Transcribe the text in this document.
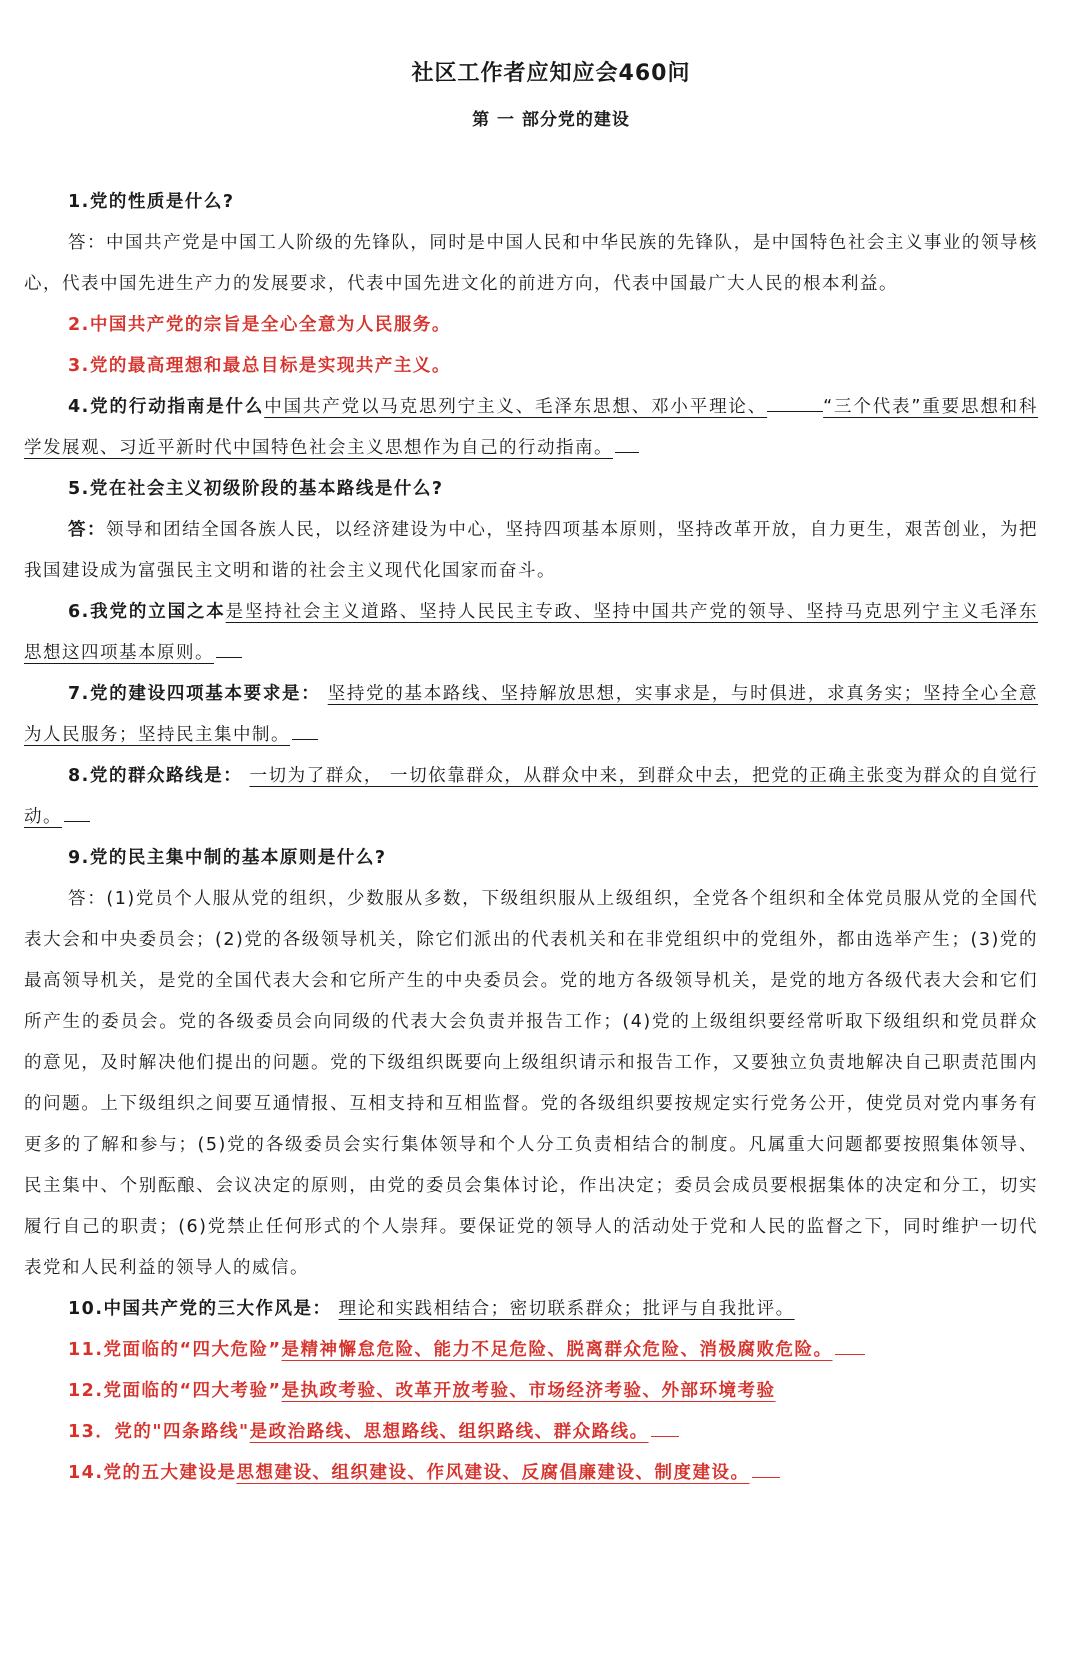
社区工作者应知应会460问
第 一 部分党的建设

1.党的性质是什么?

答：中国共产党是中国工人阶级的先锋队，同时是中国人民和中华民族的先锋队，是中国特色社会主义事业的领导核心，代表中国先进生产力的发展要求，代表中国先进文化的前进方向，代表中国最广大人民的根本利益。

2.中国共产党的宗旨是全心全意为人民服务。

3.党的最高理想和最总目标是实现共产主义。

4.党的行动指南是什么中国共产党以马克思列宁主义、毛泽东思想、邓小平理论、	“三个代表”重要思想和科学发展观、习近平新时代中国特色社会主义思想作为自己的行动指南。

5.党在社会主义初级阶段的基本路线是什么?

答：领导和团结全国各族人民，以经济建设为中心，坚持四项基本原则，坚持改革开放，自力更生，艰苦创业，为把我国建设成为富强民主文明和谐的社会主义现代化国家而奋斗。

6.我党的立国之本是坚持社会主义道路、坚持人民民主专政、坚持中国共产党的领导、坚持马克思列宁主义毛泽东思想这四项基本原则。

7.党的建设四项基本要求是： 坚持党的基本路线、坚持解放思想，实事求是，与时俱进，求真务实；坚持全心全意为人民服务；坚持民主集中制。

8.党的群众路线是： 一切为了群众， 一切依靠群众，从群众中来，到群众中去，把党的正确主张变为群众的自觉行动。

9.党的民主集中制的基本原则是什么?

答：(1)党员个人服从党的组织，少数服从多数，下级组织服从上级组织，全党各个组织和全体党员服从党的全国代表大会和中央委员会；(2)党的各级领导机关，除它们派出的代表机关和在非党组织中的党组外，都由选举产生；(3)党的最高领导机关，是党的全国代表大会和它所产生的中央委员会。党的地方各级领导机关，是党的地方各级代表大会和它们所产生的委员会。党的各级委员会向同级的代表大会负责并报告工作；(4)党的上级组织要经常听取下级组织和党员群众的意见，及时解决他们提出的问题。党的下级组织既要向上级组织请示和报告工作，又要独立负责地解决自己职责范围内的问题。上下级组织之间要互通情报、互相支持和互相监督。党的各级组织要按规定实行党务公开，使党员对党内事务有更多的了解和参与；(5)党的各级委员会实行集体领导和个人分工负责相结合的制度。凡属重大问题都要按照集体领导、民主集中、个别酝酿、会议决定的原则，由党的委员会集体讨论，作出决定；委员会成员要根据集体的决定和分工，切实履行自己的职责；(6)党禁止任何形式的个人崇拜。要保证党的领导人的活动处于党和人民的监督之下，同时维护一切代表党和人民利益的领导人的威信。

10.中国共产党的三大作风是： 理论和实践相结合；密切联系群众；批评与自我批评。

11.党面临的“四大危险”是精神懈怠危险、能力不足危险、脱离群众危险、消极腐败危险。

12.党面临的“四大考验”是执政考验、改革开放考验、市场经济考验、外部环境考验

13．党的"四条路线"是政治路线、思想路线、组织路线、群众路线。

14.党的五大建设是思想建设、组织建设、作风建设、反腐倡廉建设、制度建设。
